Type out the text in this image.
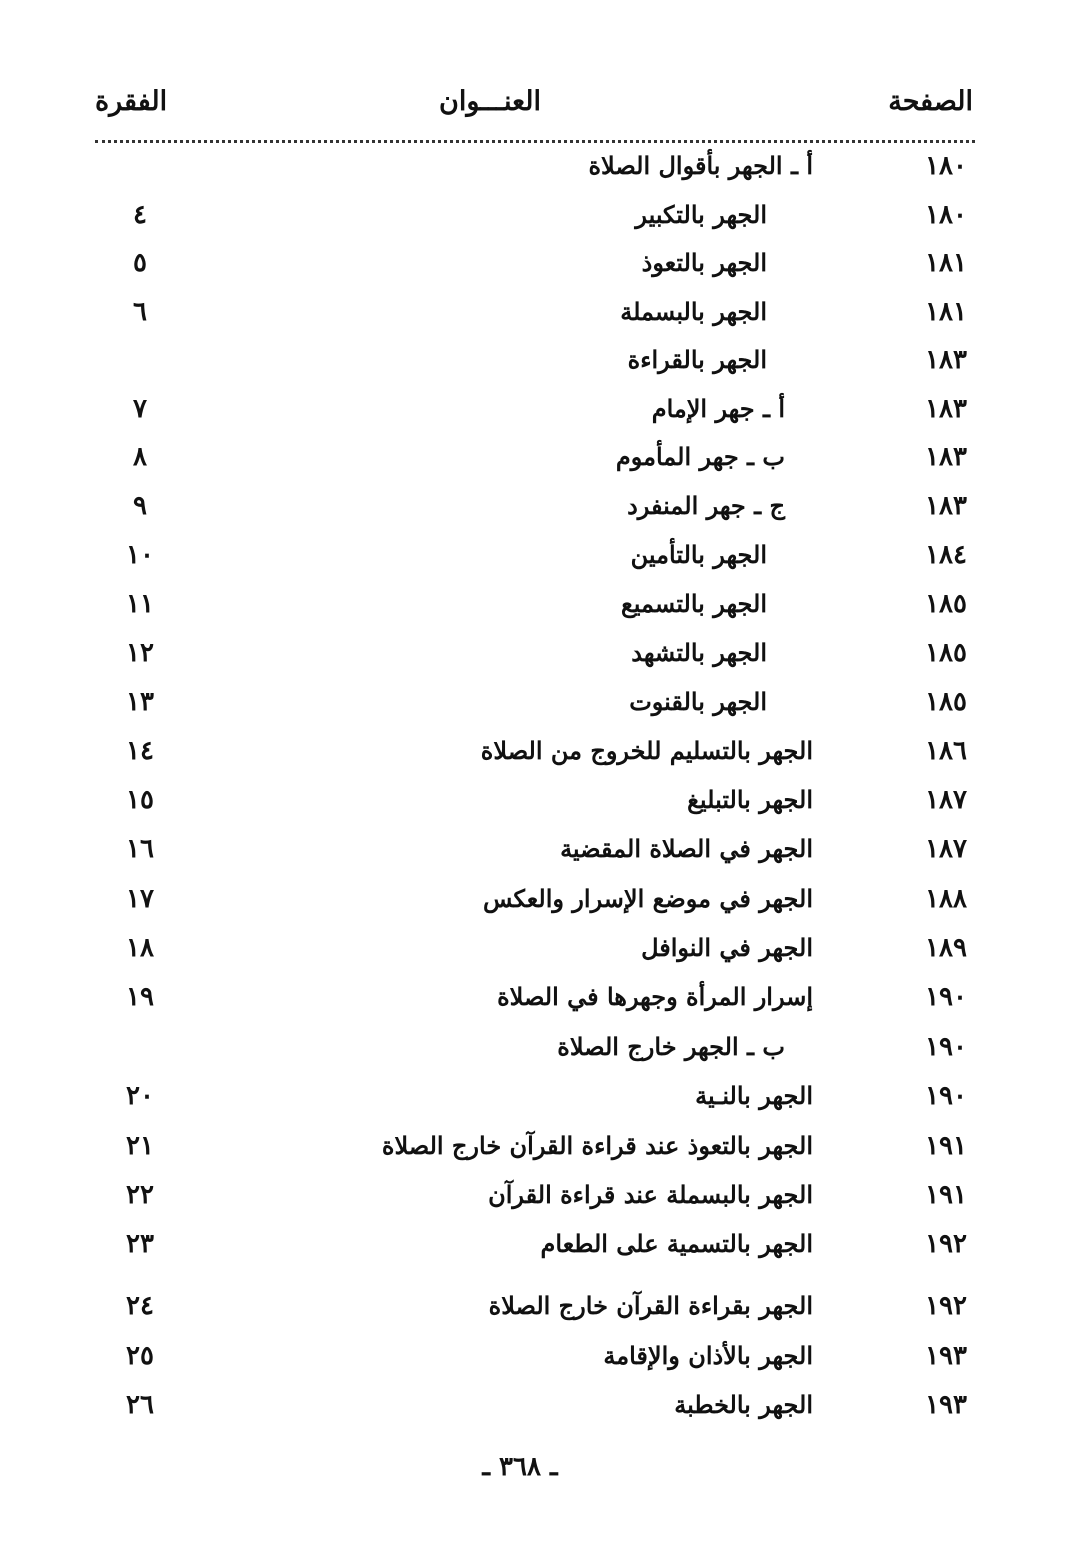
الصفحة
العنـــوان
الفقرة
١٨٠
أ ـ الجهر بأقوال الصلاة
١٨٠
الجهر بالتكبير
٤
١٨١
الجهر بالتعوذ
٥
١٨١
الجهر بالبسملة
٦
١٨٣
الجهر بالقراءة
١٨٣
أ ـ جهر الإمام
٧
١٨٣
ب ـ جهر المأموم
٨
١٨٣
ج ـ جهر المنفرد
٩
١٨٤
الجهر بالتأمين
١٠
١٨٥
الجهر بالتسميع
١١
١٨٥
الجهر بالتشهد
١٢
١٨٥
الجهر بالقنوت
١٣
١٨٦
الجهر بالتسليم للخروج من الصلاة
١٤
١٨٧
الجهر بالتبليغ
١٥
١٨٧
الجهر في الصلاة المقضية
١٦
١٨٨
الجهر في موضع الإسرار والعكس
١٧
١٨٩
الجهر في النوافل
١٨
١٩٠
إسرار المرأة وجهرها في الصلاة
١٩
١٩٠
ب ـ الجهر خارج الصلاة
١٩٠
الجهر بالنـية
٢٠
١٩١
الجهر بالتعوذ عند قراءة القرآن خارج الصلاة
٢١
١٩١
الجهر بالبسملة عند قراءة القرآن
٢٢
١٩٢
الجهر بالتسمية على الطعام
٢٣
١٩٢
الجهر بقراءة القرآن خارج الصلاة
٢٤
١٩٣
الجهر بالأذان والإقامة
٢٥
١٩٣
الجهر بالخطبة
٢٦
ـ ٣٦٨ ـ
